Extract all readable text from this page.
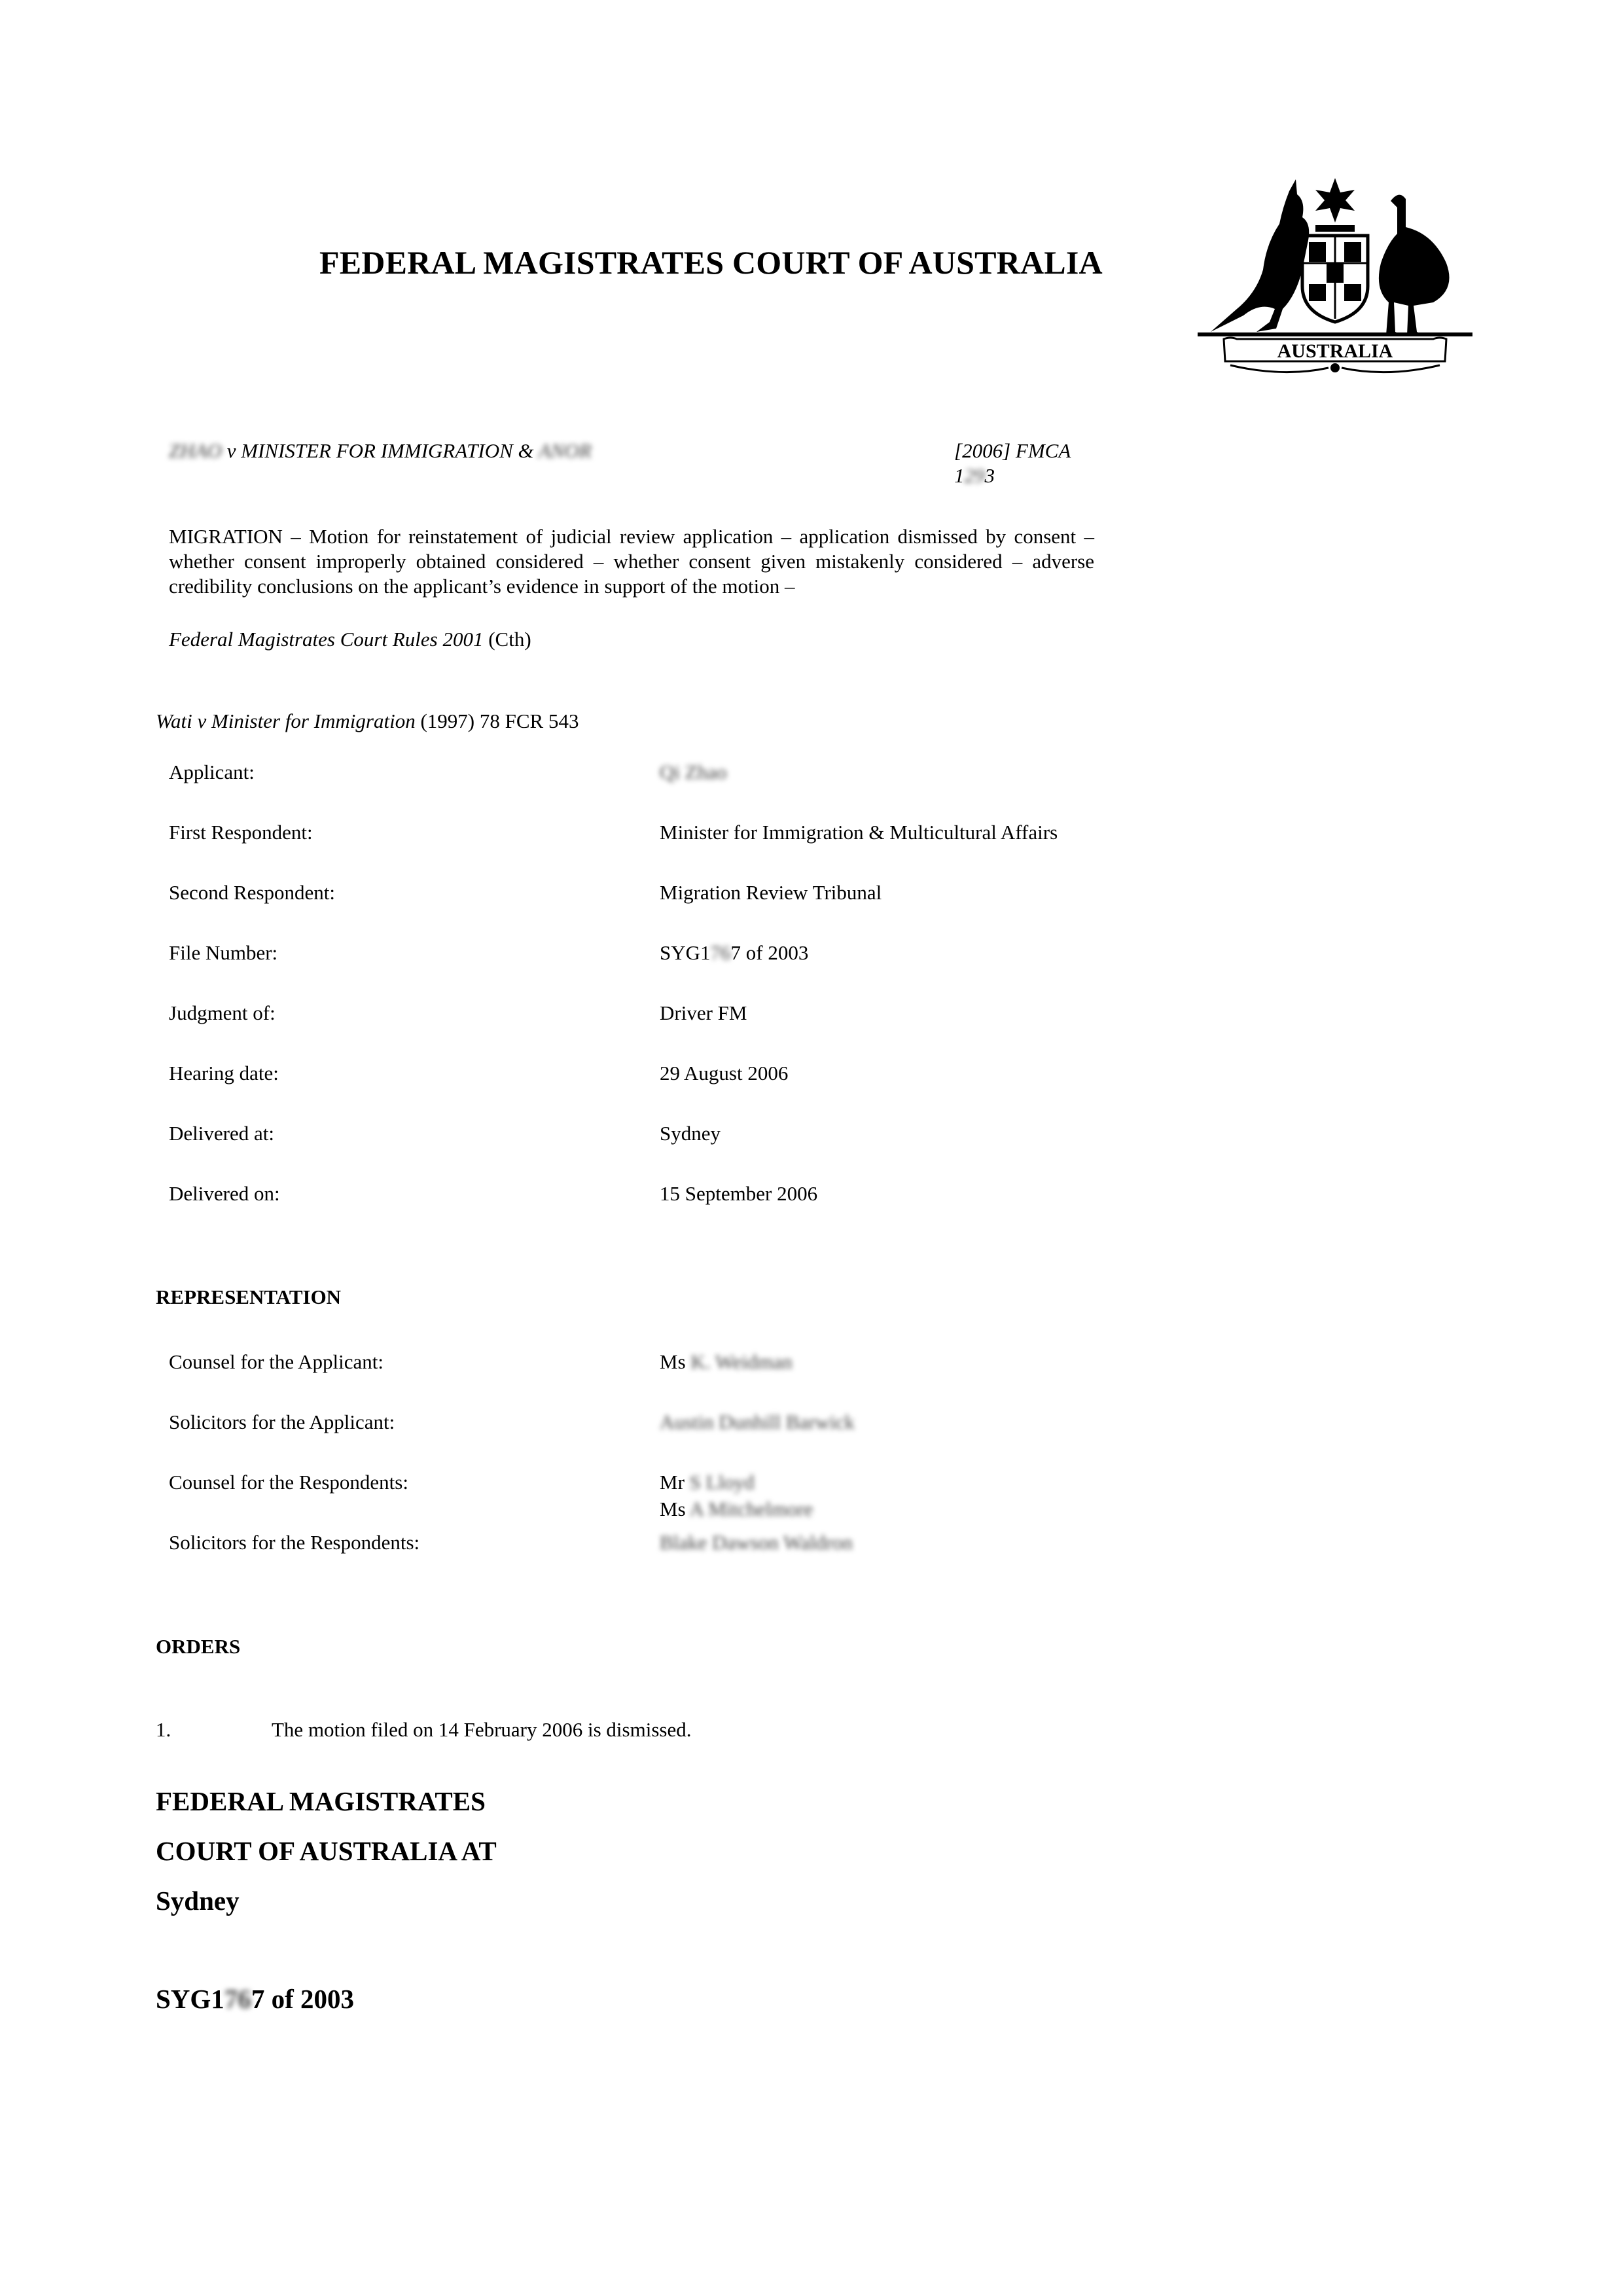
FEDERAL MAGISTRATES COURT OF AUSTRALIA
AUSTRALIA
ZHAO v MINISTER FOR IMMIGRATION & ANOR	[2006] FMCA
1293
MIGRATION – Motion for reinstatement of judicial review application – application dismissed by consent – whether consent improperly obtained considered – whether consent given mistakenly considered – adverse credibility conclusions on the applicant’s evidence in support of the motion –
Federal Magistrates Court Rules 2001 (Cth)
Wati v Minister for Immigration (1997) 78 FCR 543
Applicant:	Qi Zhao
First Respondent:	Minister for Immigration & Multicultural Affairs
Second Respondent:	Migration Review Tribunal
File Number:	SYG1767 of 2003
Judgment of:	Driver FM
Hearing date:	29 August 2006
Delivered at:	Sydney
Delivered on:	15 September 2006
REPRESENTATION
Counsel for the Applicant:	Ms K. Weidman
Solicitors for the Applicant:	Austin Dunhill Barwick
Counsel for the Respondents:	Mr S Lloyd
Ms A Mitchelmore
Solicitors for the Respondents:	Blake Dawson Waldron
ORDERS
1.	The motion filed on 14 February 2006 is dismissed.
FEDERAL MAGISTRATES
COURT OF AUSTRALIA AT
Sydney
SYG1767 of 2003
